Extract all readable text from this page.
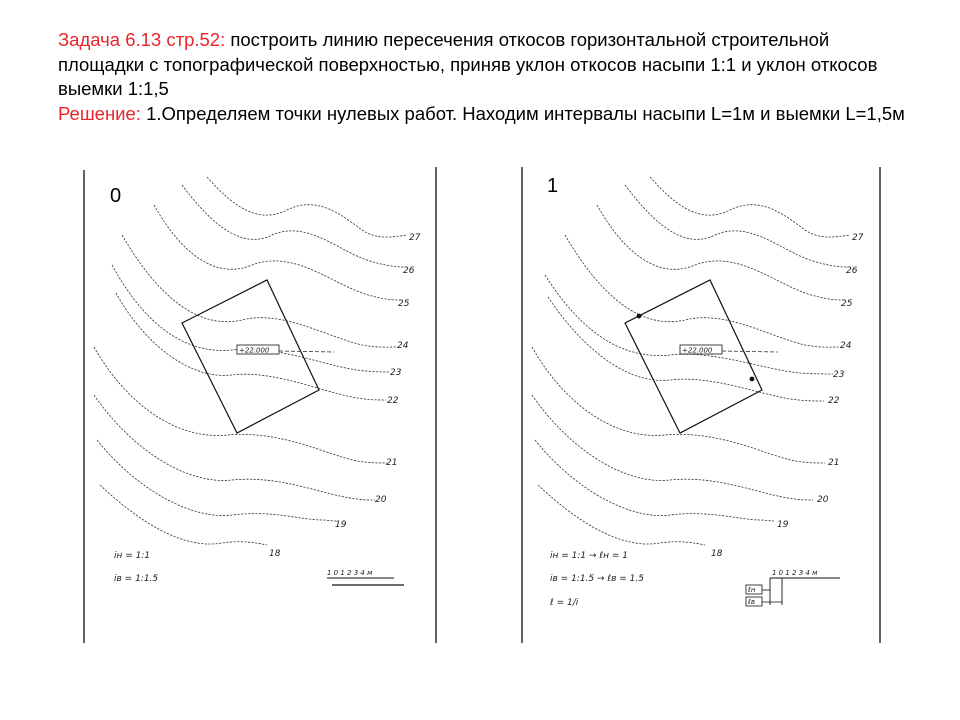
Задача 6.13 стр.52: построить линию пересечения откосов горизонтальной строительной площадки с топографической поверхностью, приняв уклон откосов насыпи 1:1 и уклон откосов выемки 1:1,5
Решение: 1.Определяем точки нулевых работ. Находим интервалы насыпи L=1м и выемки L=1,5м
0
27
26
25
24
23
22
21
20
19
18
+22.000
iн = 1:1
iв = 1:1.5
1 0 1 2 3 4 м
1
27
26
25
24
23
22
21
20
19
18
+22.000
iн = 1:1 → ℓн = 1
iв = 1:1.5 → ℓв = 1.5
ℓ = 1/i
1 0 1 2 3 4 м
ℓн
ℓв
